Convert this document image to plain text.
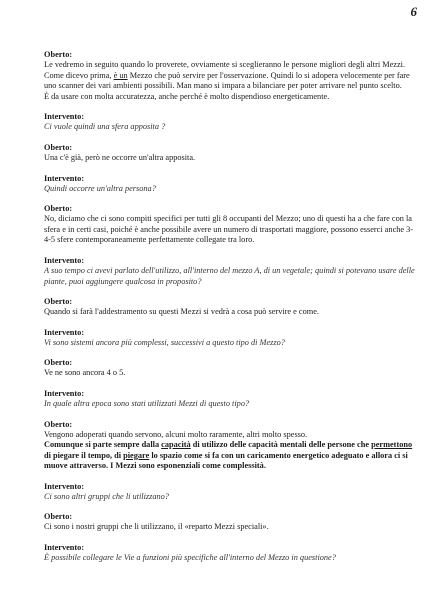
6

Oberto:

Le vedremo in seguito quando lo proverete, ovviamente si sceglieranno le persone migliori degli altri Mezzi.
Come dicevo prima, è un Mezzo che può servire per l'osservazione. Quindi lo si adopera velocemente per fare uno scanner dei vari ambienti possibili. Man mano si impara a bilanciare per poter arrivare nel punto scelto.
È da usare con molta accuratezza, anche perché è molto dispendioso energeticamente.

Intervento:

Ci vuole quindi una sfera apposita ?

Oberto:

Una c'è già, però ne occorre un'altra apposita.

Intervento:

Quindi occorre un'altra persona?

Oberto:

No, diciamo che ci sono compiti specifici per tutti gli 8 occupanti del Mezzo; uno di questi ha a che fare con la sfera e in certi casi, poiché è anche possibile avere un numero di trasportati maggiore, possono esserci anche 3-4-5 sfere contemporaneamente perfettamente collegate tra loro.

Intervento:

A suo tempo ci avevi parlato dell'utilizzo, all'interno del mezzo A, di un vegetale; quindi si potevano usare delle piante, puoi aggiungere qualcosa in proposito?

Oberto:

Quando si farà l'addestramento su questi Mezzi si vedrà a cosa può servire e come.

Intervento:

Vi sono sistemi ancora più complessi, successivi a questo tipo di Mezzo?

Oberto:

Ve ne sono ancora 4 o 5.

Intervento:

In quale altra epoca sono stati utilizzati Mezzi di questo tipo?

Oberto:

Vengono adoperati quando servono, alcuni molto raramente, altri molto spesso.
Comunque si parte sempre dalla capacità di utilizzo delle capacità mentali delle persone che permettono di piegare il tempo, di piegare lo spazio come si fa con un caricamento energetico adeguato e allora ci si muove attraverso. I Mezzi sono esponenziali come complessità.

Intervento:

Ci sono altri gruppi che li utilizzano?

Oberto:

Ci sono i nostri gruppi che li utilizzano, il «reparto Mezzi speciali».

Intervento:

È possibile collegare le Vie a funzioni più specifiche all'interno del Mezzo in questione?
